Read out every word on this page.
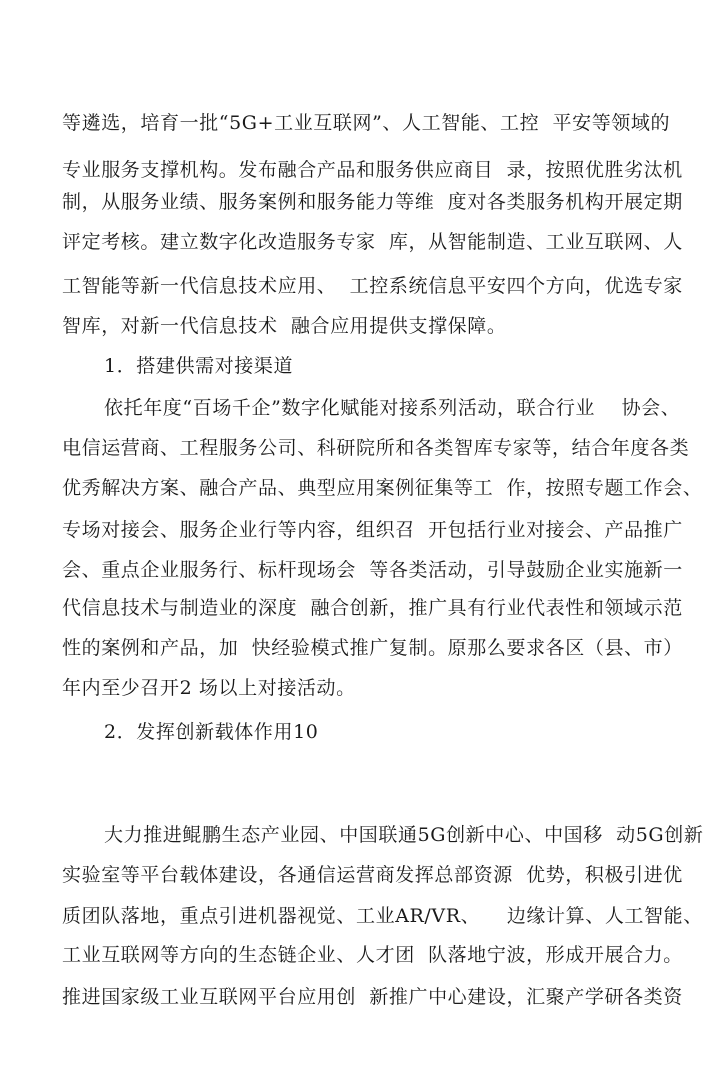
等遴选，培育一批“5G+工业互联网”、人工智能、工控  平安等领域的
专业服务支撑机构。发布融合产品和服务供应商目  录，按照优胜劣汰机
制，从服务业绩、服务案例和服务能力等维  度对各类服务机构开展定期
评定考核。建立数字化改造服务专家  库，从智能制造、工业互联网、人
工智能等新一代信息技术应用、  工控系统信息平安四个方向，优选专家
智库，对新一代信息技术  融合应用提供支撑保障。
1．搭建供需对接渠道
依托年度“百场千企”数字化赋能对接系列活动，联合行业    协会、
电信运营商、工程服务公司、科研院所和各类智库专家等，结合年度各类
优秀解决方案、融合产品、典型应用案例征集等工  作，按照专题工作会、
专场对接会、服务企业行等内容，组织召  开包括行业对接会、产品推广
会、重点企业服务行、标杆现场会  等各类活动，引导鼓励企业实施新一
代信息技术与制造业的深度  融合创新，推广具有行业代表性和领域示范
性的案例和产品，加  快经验模式推广复制。原那么要求各区（县、市）
年内至少召开2 场以上对接活动。
2．发挥创新载体作用10
大力推进鲲鹏生态产业园、中国联通5G创新中心、中国移  动5G创新
实验室等平台载体建设，各通信运营商发挥总部资源  优势，积极引进优
质团队落地，重点引进机器视觉、工业AR/VR、    边缘计算、人工智能、
工业互联网等方向的生态链企业、人才团  队落地宁波，形成开展合力。
推进国家级工业互联网平台应用创  新推广中心建设，汇聚产学研各类资
